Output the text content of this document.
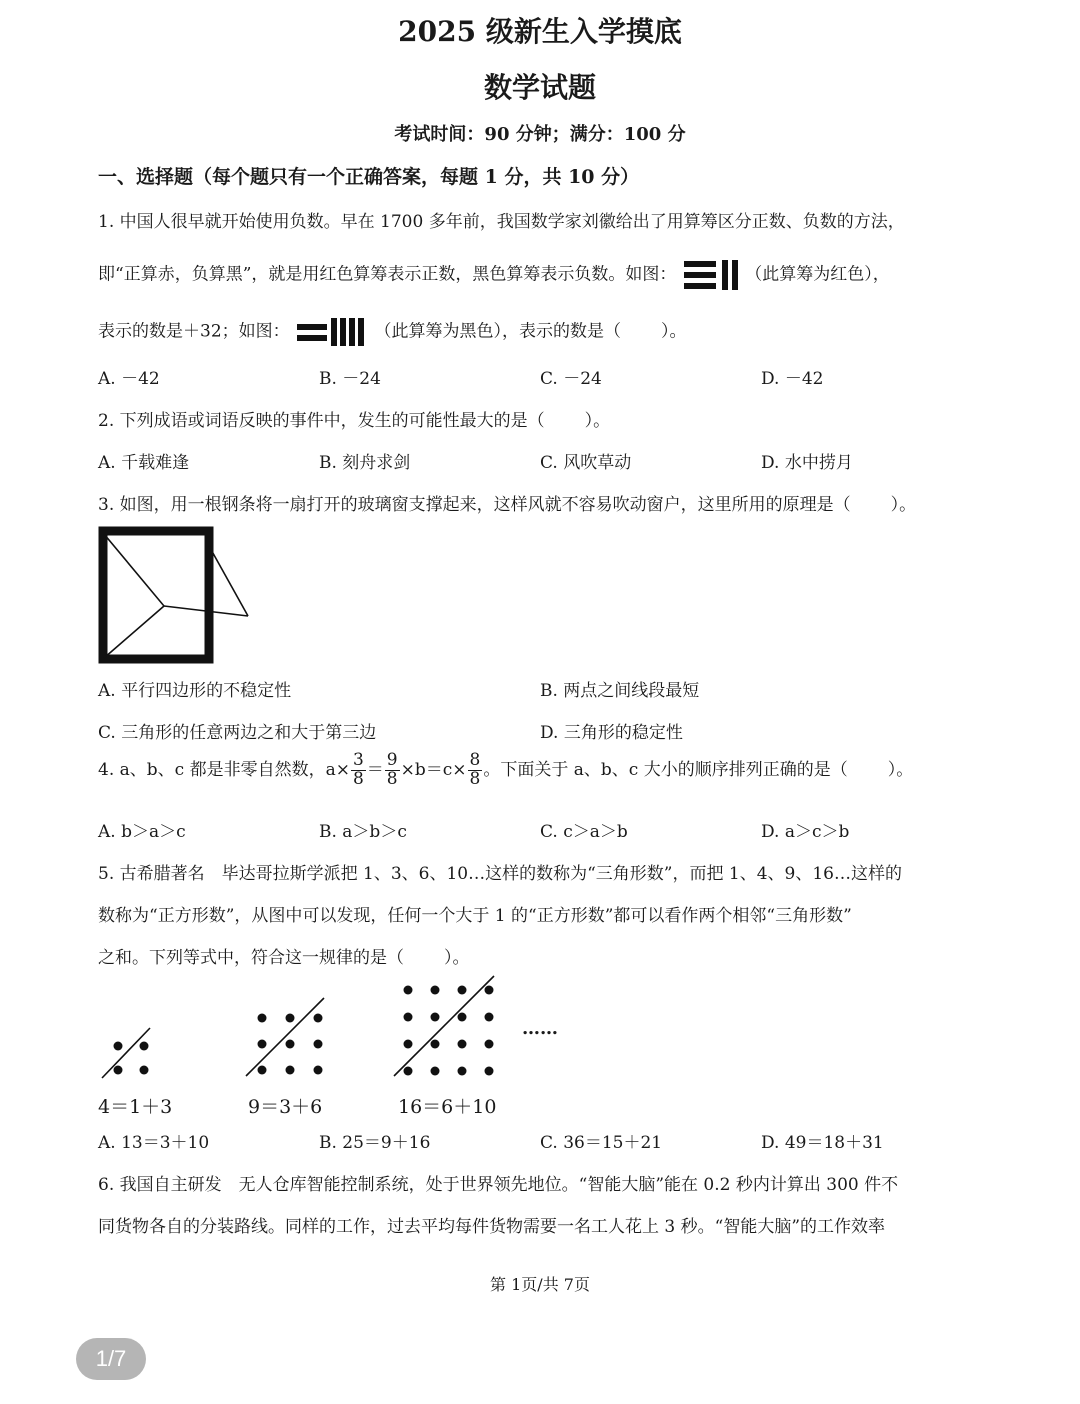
2025 级新生入学摸底
数学试题
考试时间：90 分钟；满分：100 分
一、选择题（每个题只有一个正确答案，每题 1 分，共 10 分）
1. 中国人很早就开始使用负数。早在 1700 多年前，我国数学家刘徽给出了用算筹区分正数、负数的方法，
即“正算赤，负算黑”，就是用红色算筹表示正数，黑色算筹表示负数。如图：	（此算筹为红色），
表示的数是＋32；如图：	（此算筹为黑色），表示的数是（ ）。
A. －42	B. －24	C. －24	D. －42
2. 下列成语或词语反映的事件中，发生的可能性最大的是（ ）。
A. 千载难逢	B. 刻舟求剑	C. 风吹草动	D. 水中捞月
3. 如图，用一根钢条将一扇打开的玻璃窗支撑起来，这样风就不容易吹动窗户，这里所用的原理是（ ）。
A. 平行四边形的不稳定性	B. 两点之间线段最短
C. 三角形的任意两边之和大于第三边	D. 三角形的稳定性
4. a、b、c 都是非零自然数，$a\times \frac{3}{8} = \frac{9}{8} \times b=c\times \frac{8}{8}$ 。下面关于 a、b、c 大小的顺序排列正确的是（ ）。
A. b＞a＞c	B. a＞b＞c	C. c＞a＞b	D. a＞c＞b
5. 古希腊著名　毕达哥拉斯学派把 1、3、6、10…这样的数称为“三角形数”，而把 1、4、9、16…这样的
数称为“正方形数”，从图中可以发现，任何一个大于 1 的“正方形数”都可以看作两个相邻“三角形数”
之和。下列等式中，符合这一规律的是（ ）。
……
4＝1＋3	9＝3＋6	16＝6＋10
A. 13＝3＋10	B. 25＝9＋16	C. 36＝15＋21	D. 49＝18＋31
6. 我国自主研发　无人仓库智能控制系统，处于世界领先地位。“智能大脑”能在 0.2 秒内计算出 300 件不
同货物各自的分装路线。同样的工作，过去平均每件货物需要一名工人花上 3 秒。“智能大脑”的工作效率
第 1页/共 7页
1/7
